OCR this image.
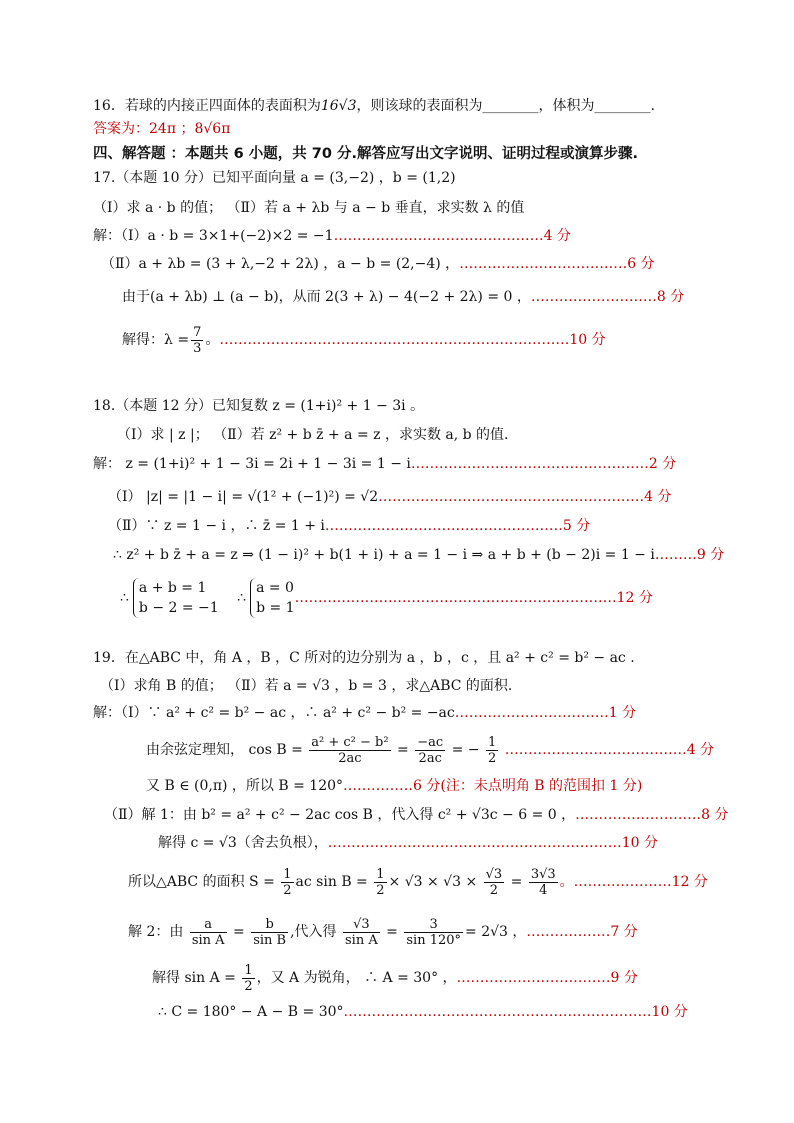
16．若球的内接正四面体的表面积为16√3，则该球的表面积为________，体积为________.
答案为：24π ；8√6π
四、解答题 ：本题共 6 小题，共 70 分.解答应写出文字说明、证明过程或演算步骤.
17.（本题 10 分）已知平面向量 a = (3,−2) ，b = (1,2)
（Ⅰ）求 a · b 的值； （Ⅱ）若 a + λb 与 a − b 垂直，求实数 λ 的值
解：（Ⅰ）a · b = 3×1+(−2)×2 = −1………………………………………4 分
（Ⅱ）a + λb = (3 + λ,−2 + 2λ) ，a − b = (2,−4) ，………………………………6 分
由于(a + λb) ⊥ (a − b)，从而 2(3 + λ) − 4(−2 + 2λ) = 0 ，………………………8 分
解得：$\lambda = \frac{7}{3}$ 。…………………………………………………………………10 分
18.（本题 12 分）已知复数 z = (1+i)² + 1 − 3i 。
（Ⅰ）求 | z |； （Ⅱ）若 z² + b z̄ + a = z ，求实数 a, b 的值.
解： z = (1+i)² + 1 − 3i = 2i + 1 − 3i = 1 − i……………………………………………2 分
（Ⅰ） |z| = |1 − i| = √(1² + (−1)²) = √2…………………………………………………4 分
（Ⅱ）∵ z = 1 − i ，∴ z̄ = 1 + i……………………………………………5 分
∴ z² + b z̄ + a = z ⇒ (1 − i)² + b(1 + i) + a = 1 − i ⇒ a + b + (b − 2)i = 1 − i………9 分
∴
a + b = 1
b − 2 = −1
∴
a = 0
b = 1
……………………………………………………………12 分
19．在△ABC 中，角 A ，B ，C 所对的边分别为 a ，b ，c ，且 a² + c² = b² − ac .
（Ⅰ）求角 B 的值； （Ⅱ）若 a = √3 ，b = 3 ，求△ABC 的面积.
解：（Ⅰ）∵ a² + c² = b² − ac ，∴ a² + c² − b² = −ac……………………………1 分
由余弦定理知， $\cos B = \frac{\text{a² + c² − b²}}{2ac} = \frac{-ac}{2ac}$ = − $\frac{1}{2}$ …………………………………4 分
又 B ∈ (0,π) ，所以 B = 120°……………6 分(注：未点明角 B 的范围扣 1 分)
（Ⅱ）解 1：由 b² = a² + c² − 2ac cos B ，代入得 c² + √3c − 6 = 0 ，………………………8 分
解得 c = √3（舍去负根），………………………………………………………10 分
所以△ABC 的面积 $S = \frac{1}{2}$ ac $\sin B = \frac{1}{2} \times √3 \times √3 \times \frac{√3}{2} = \frac{3√3}{4}$ 。…………………12 分
解 2：由 $\frac{a}{\text{sin A}} = \frac{b}{\text{sin B}}$ ,代入得 $\frac{√3}{\text{sin A}} = \frac{3}{\sin 120^\circ} = 2√3$ ，………………7 分
解得 $\sin A = \frac{1}{2}$ ，又 A 为锐角， ∴ A = 30° ，……………………………9 分
∴ C = 180° − A − B = 30°…………………………………………………………10 分
